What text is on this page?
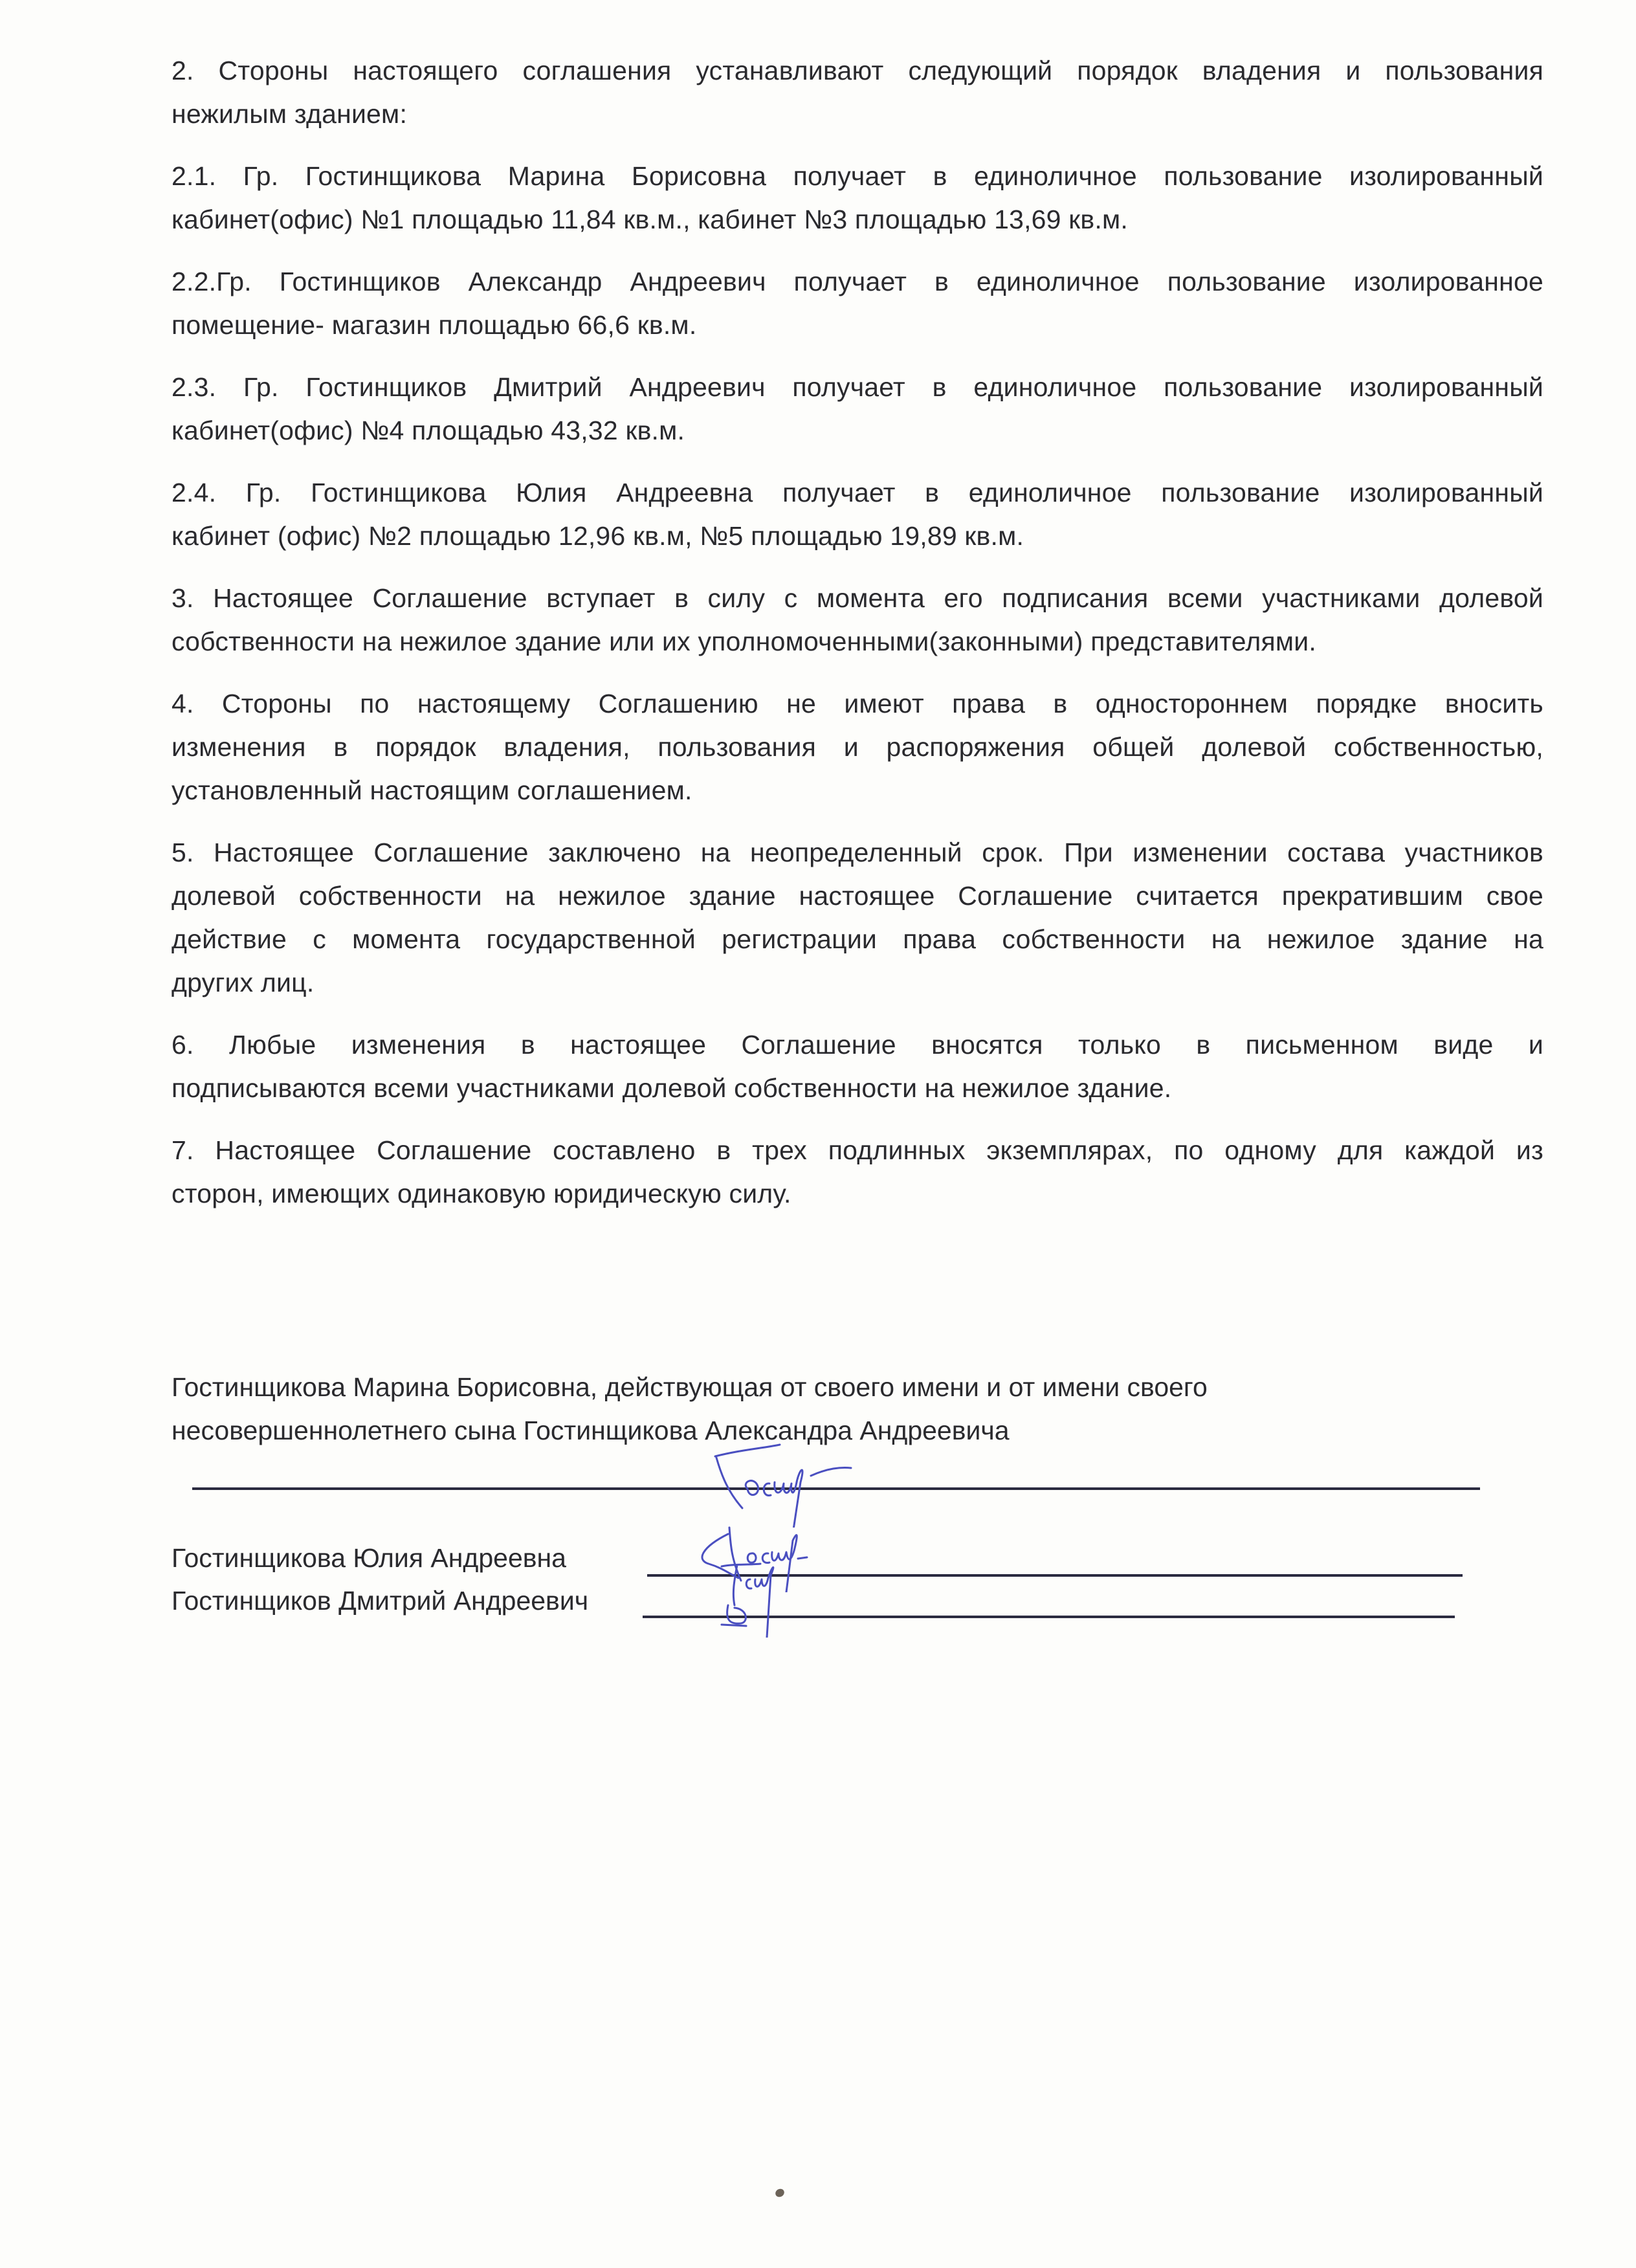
2. Стороны настоящего соглашения устанавливают следующий порядок владения и пользования
нежилым зданием:

2.1. Гр. Гостинщикова Марина Борисовна получает в единоличное пользование изолированный
кабинет(офис) №1 площадью 11,84 кв.м., кабинет №3 площадью 13,69 кв.м.

2.2.Гр. Гостинщиков Александр Андреевич получает в единоличное пользование изолированное
помещение- магазин площадью 66,6 кв.м.

2.3. Гр. Гостинщиков Дмитрий Андреевич получает в единоличное пользование изолированный
кабинет(офис) №4 площадью 43,32 кв.м.

2.4. Гр. Гостинщикова Юлия Андреевна получает в единоличное пользование изолированный
кабинет (офис) №2 площадью 12,96 кв.м, №5 площадью 19,89 кв.м.

3. Настоящее Соглашение вступает в силу с момента его подписания всеми участниками долевой
собственности на нежилое здание или их уполномоченными(законными) представителями.

4. Стороны по настоящему Соглашению не имеют права в одностороннем порядке вносить
изменения в порядок владения, пользования и распоряжения общей долевой собственностью,
установленный настоящим соглашением.

5. Настоящее Соглашение заключено на неопределенный срок. При изменении состава участников
долевой собственности на нежилое здание настоящее Соглашение считается прекратившим свое
действие с момента государственной регистрации права собственности на нежилое здание на
других лиц.

6. Любые изменения в настоящее Соглашение вносятся только в письменном виде и
подписываются всеми участниками долевой собственности на нежилое здание.

7. Настоящее Соглашение составлено в трех подлинных экземплярах, по одному для каждой из
сторон, имеющих одинаковую юридическую силу.

Гостинщикова Марина Борисовна, действующая от своего имени и от имени своего
несовершеннолетнего сына Гостинщикова Александра Андреевича
Гостинщикова Юлия Андреевна
Гостинщиков Дмитрий Андреевич
